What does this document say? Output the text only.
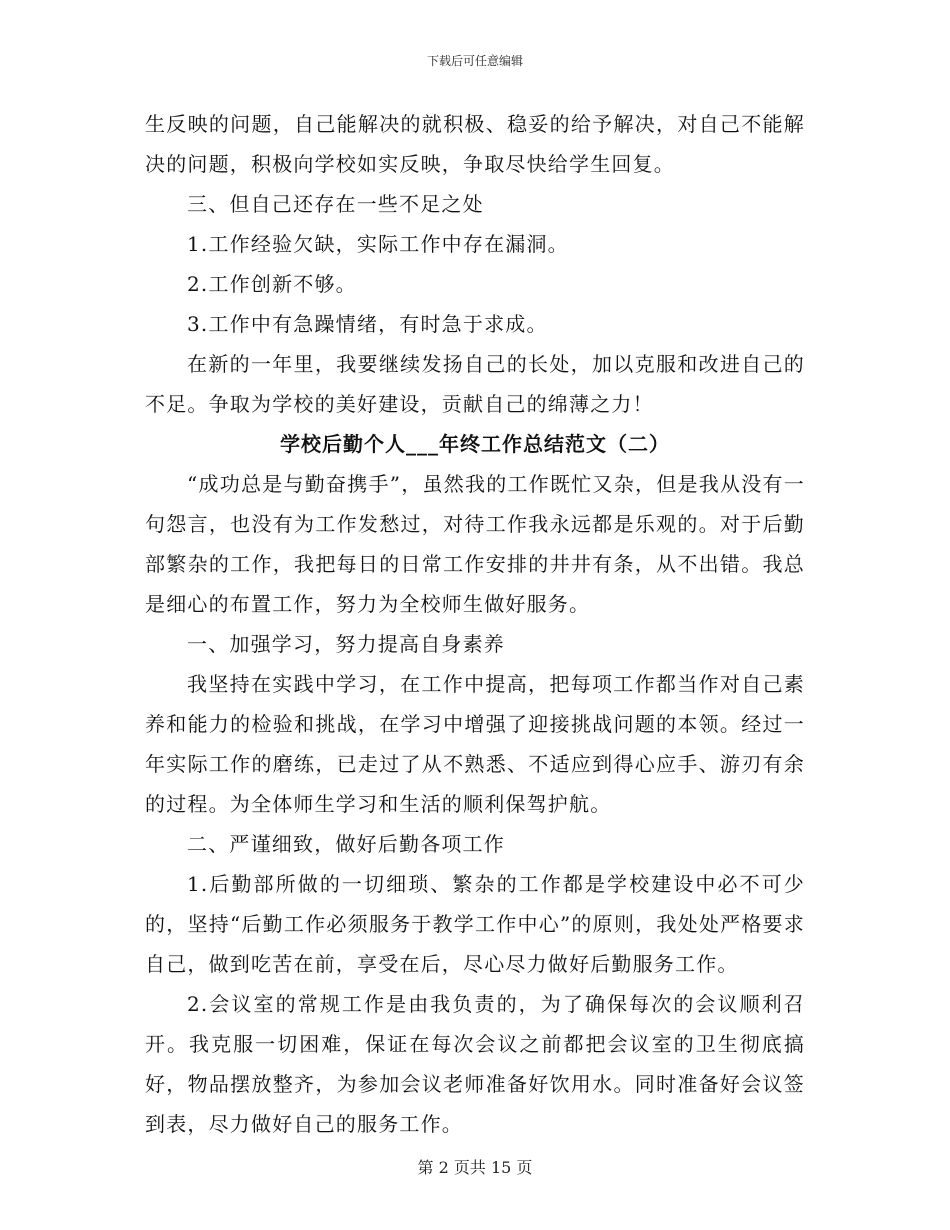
下载后可任意编辑

生反映的问题，自己能解决的就积极、稳妥的给予解决，对自己不能解决的问题，积极向学校如实反映，争取尽快给学生回复。

三、但自己还存在一些不足之处

1.工作经验欠缺，实际工作中存在漏洞。

2.工作创新不够。

3.工作中有急躁情绪，有时急于求成。

在新的一年里，我要继续发扬自己的长处，加以克服和改进自己的不足。争取为学校的美好建设，贡献自己的绵薄之力！

学校后勤个人___年终工作总结范文（二）

“成功总是与勤奋携手”，虽然我的工作既忙又杂，但是我从没有一句怨言，也没有为工作发愁过，对待工作我永远都是乐观的。对于后勤部繁杂的工作，我把每日的日常工作安排的井井有条，从不出错。我总是细心的布置工作，努力为全校师生做好服务。

一、加强学习，努力提高自身素养

我坚持在实践中学习，在工作中提高，把每项工作都当作对自己素养和能力的检验和挑战，在学习中增强了迎接挑战问题的本领。经过一年实际工作的磨练，已走过了从不熟悉、不适应到得心应手、游刃有余的过程。为全体师生学习和生活的顺利保驾护航。

二、严谨细致，做好后勤各项工作

1.后勤部所做的一切细琐、繁杂的工作都是学校建设中必不可少的，坚持“后勤工作必须服务于教学工作中心”的原则，我处处严格要求自己，做到吃苦在前，享受在后，尽心尽力做好后勤服务工作。

2.会议室的常规工作是由我负责的，为了确保每次的会议顺利召开。我克服一切困难，保证在每次会议之前都把会议室的卫生彻底搞好，物品摆放整齐，为参加会议老师准备好饮用水。同时准备好会议签到表，尽力做好自己的服务工作。

第 2 页共 15 页
